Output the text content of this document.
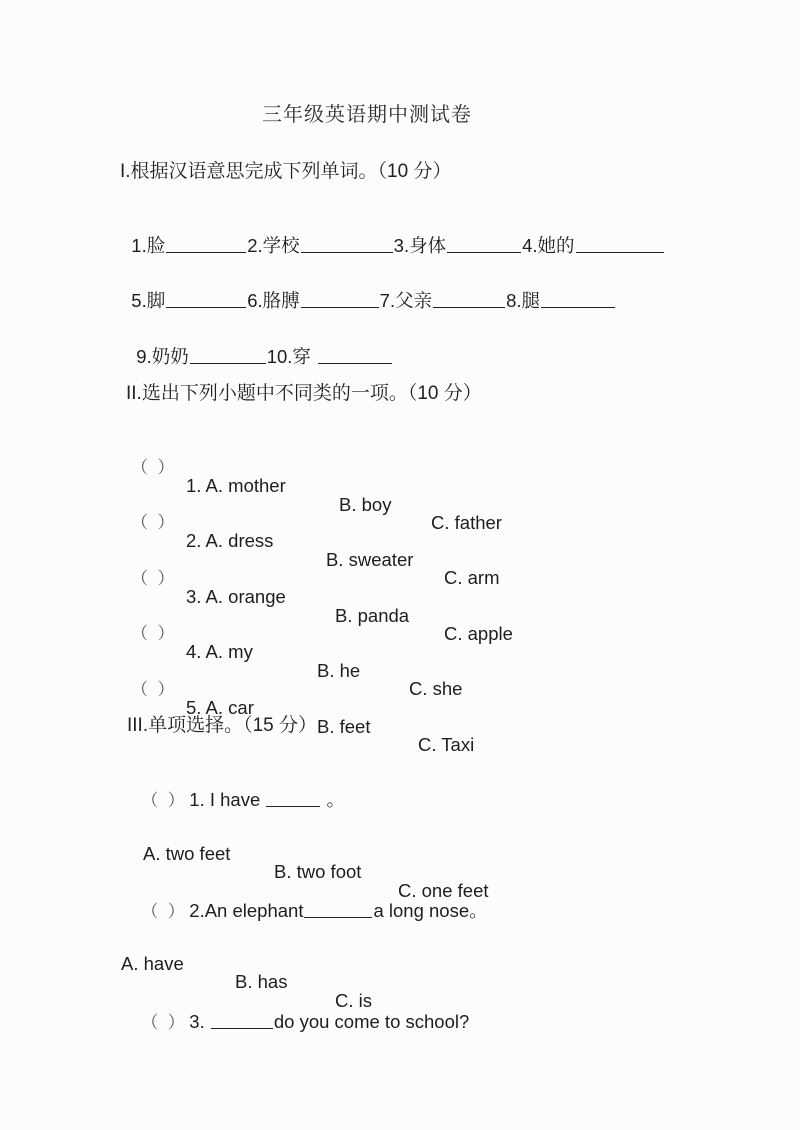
三年级英语期中测试卷
I.根据汉语意思完成下列单词。（10 分）

1.脸	2.学校	3.身体	4.她的

5.脚	6.胳膊	7.父亲	8.腿

9.奶奶	10.穿

II.选出下列小题中不同类的一项。（10 分）

（  ）

1. A. mother

B. boy

C. father

（  ）

2. A. dress

B. sweater

C. arm

（  ）

3. A. orange

B. panda

C. apple

（  ）

4. A. my

B. he

C. she

（  ）

5. A. car

B. feet

C. Taxi

III.单项选择。（15 分）

（  ） 1. I have	。

A. two feet

B. two foot

C. one feet

（  ） 2.An elephant	a long nose。

A. have

B. has

C. is

（  ） 3.	do you come to school?
